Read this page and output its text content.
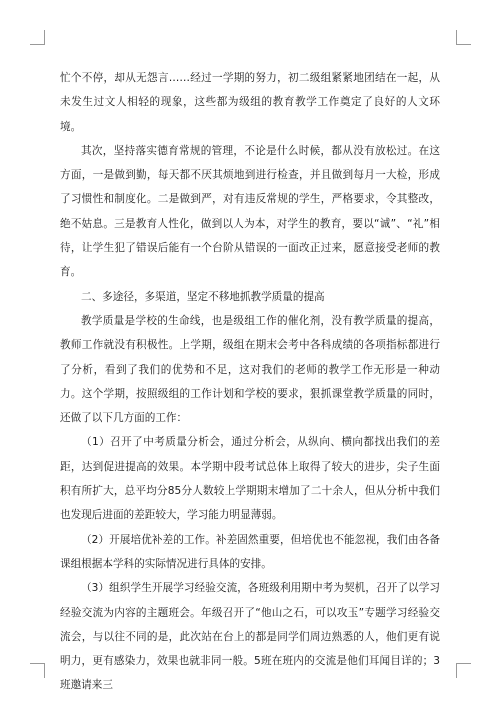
忙个不停，却从无怨言……经过一学期的努力，初二级组紧紧地团结在一起，从未发生过文人相轻的现象，这些都为级组的教育教学工作奠定了良好的人文环境。

其次，坚持落实德育常规的管理，不论是什么时候，都从没有放松过。在这方面，一是做到勤，每天都不厌其烦地到进行检查，并且做到每月一大检，形成了习惯性和制度化。二是做到严，对有违反常规的学生，严格要求，令其整改，绝不姑息。三是教育人性化，做到以人为本，对学生的教育，要以“诚”、“礼”相待，让学生犯了错误后能有一个台阶从错误的一面改正过来，愿意接受老师的教育。

二、多途径，多渠道，坚定不移地抓教学质量的提高

教学质量是学校的生命线，也是级组工作的催化剂，没有教学质量的提高，教师工作就没有积极性。上学期，级组在期末会考中各科成绩的各项指标都进行了分析，看到了我们的优势和不足，这对我们的老师的教学工作无形是一种动力。这个学期，按照级组的工作计划和学校的要求，狠抓课堂教学质量的同时，还做了以下几方面的工作：

（1）召开了中考质量分析会，通过分析会，从纵向、横向都找出我们的差距，达到促进提高的效果。本学期中段考试总体上取得了较大的进步，尖子生面积有所扩大，总平均分85分人数较上学期期末增加了二十余人，但从分析中我们也发现后进面的差距较大，学习能力明显薄弱。

（2）开展培优补差的工作。补差固然重要，但培优也不能忽视，我们由各备课组根据本学科的实际情况进行具体的安排。

（3）组织学生开展学习经验交流，各班级利用期中考为契机，召开了以学习经验交流为内容的主题班会。年级召开了“他山之石，可以攻玉”专题学习经验交流会，与以往不同的是，此次站在台上的都是同学们周边熟悉的人，他们更有说明力，更有感染力，效果也就非同一般。5班在班内的交流是他们耳闻目详的；3班邀请来三
